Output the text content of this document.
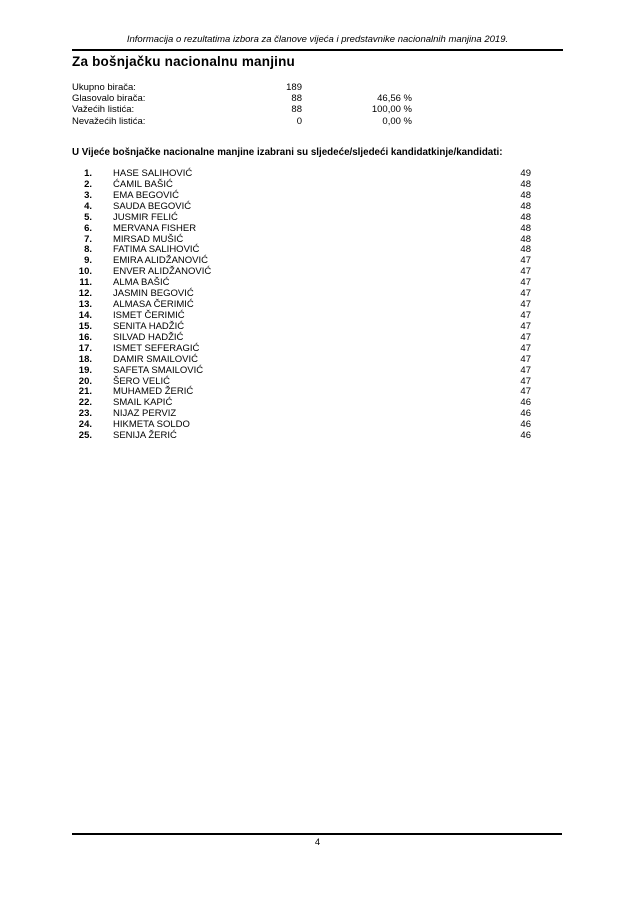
Informacija o rezultatima izbora za članove vijeća i predstavnike nacionalnih manjina 2019.
Za bošnjačku nacionalnu manjinu
Ukupno birača:	189
Glasovalo birača:	88	46,56 %
Važećih listića:	88	100,00 %
Nevažećih listića:	0	0,00 %
U Vijeće bošnjačke nacionalne manjine izabrani su sljedeće/sljedeći kandidatkinje/kandidati:
1. HASE SALIHOVIĆ	49
2. ĆAMIL BAŠIĆ	48
3. EMA BEGOVIĆ	48
4. SAUDA BEGOVIĆ	48
5. JUSMIR FELIĆ	48
6. MERVANA FISHER	48
7. MIRSAD MUŠIĆ	48
8. FATIMA SALIHOVIĆ	48
9. EMIRA ALIDŽANOVIĆ	47
10. ENVER ALIDŽANOVIĆ	47
11. ALMA BAŠIĆ	47
12. JASMIN BEGOVIĆ	47
13. ALMASA ČERIMIĆ	47
14. ISMET ČERIMIĆ	47
15. SENITA HADŽIĆ	47
16. SILVAD HADŽIĆ	47
17. ISMET SEFERAGIĆ	47
18. DAMIR SMAILOVIĆ	47
19. SAFETA SMAILOVIĆ	47
20. ŠERO VELIĆ	47
21. MUHAMED ŽERIĆ	47
22. SMAIL KAPIĆ	46
23. NIJAZ PERVIZ	46
24. HIKMETA SOLDO	46
25. SENIJA ŽERIĆ	46
4
